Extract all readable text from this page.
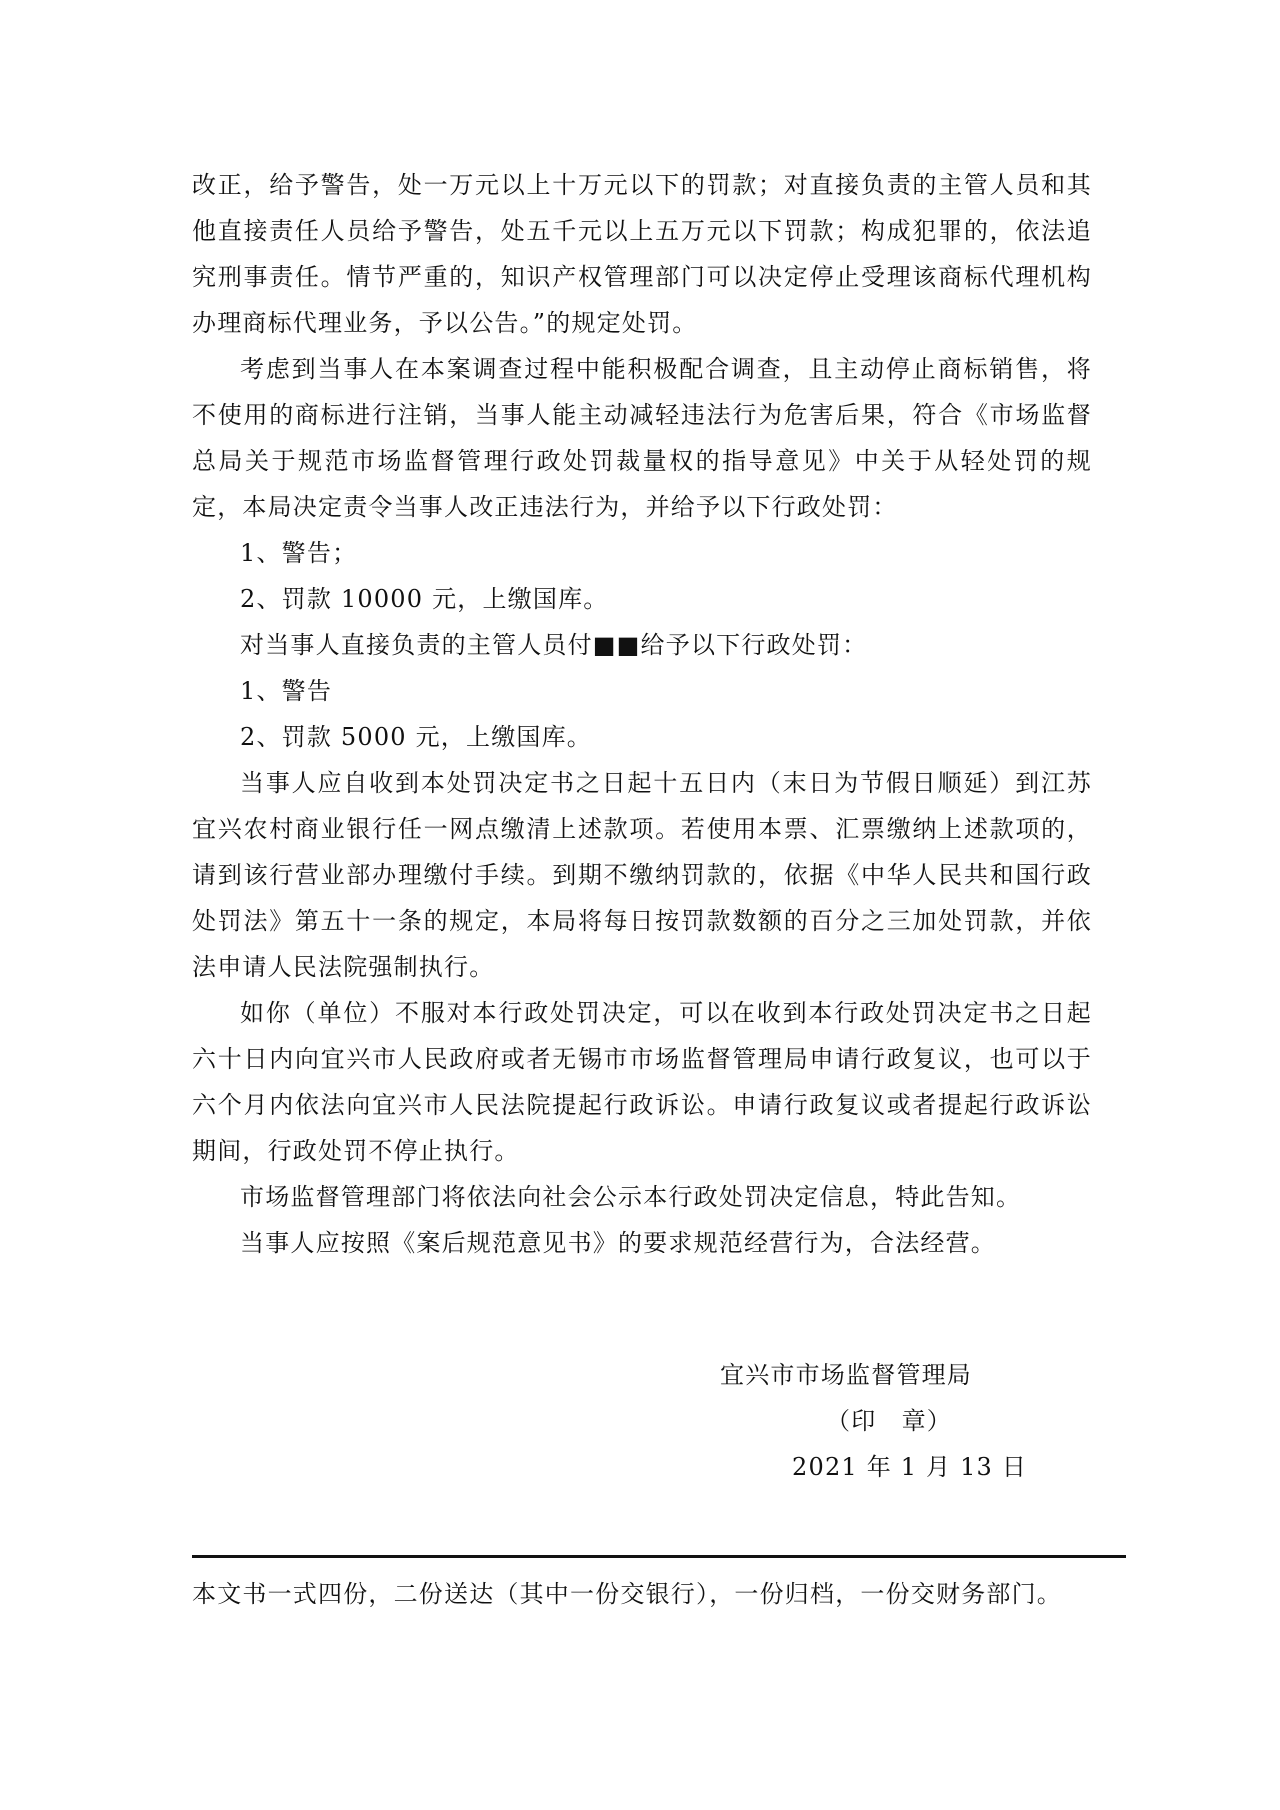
改正，给予警告，处一万元以上十万元以下的罚款；对直接负责的主管人员和其他直接责任人员给予警告，处五千元以上五万元以下罚款；构成犯罪的，依法追究刑事责任。情节严重的，知识产权管理部门可以决定停止受理该商标代理机构办理商标代理业务，予以公告。”的规定处罚。

考虑到当事人在本案调查过程中能积极配合调查，且主动停止商标销售，将不使用的商标进行注销，当事人能主动减轻违法行为危害后果，符合《市场监督总局关于规范市场监督管理行政处罚裁量权的指导意见》中关于从轻处罚的规定，本局决定责令当事人改正违法行为，并给予以下行政处罚：

1、警告；

2、罚款 10000 元，上缴国库。

对当事人直接负责的主管人员付■■给予以下行政处罚：

1、警告

2、罚款 5000 元，上缴国库。

当事人应自收到本处罚决定书之日起十五日内（末日为节假日顺延）到江苏宜兴农村商业银行任一网点缴清上述款项。若使用本票、汇票缴纳上述款项的，请到该行营业部办理缴付手续。到期不缴纳罚款的，依据《中华人民共和国行政处罚法》第五十一条的规定，本局将每日按罚款数额的百分之三加处罚款，并依法申请人民法院强制执行。

如你（单位）不服对本行政处罚决定，可以在收到本行政处罚决定书之日起六十日内向宜兴市人民政府或者无锡市市场监督管理局申请行政复议，也可以于六个月内依法向宜兴市人民法院提起行政诉讼。申请行政复议或者提起行政诉讼期间，行政处罚不停止执行。

市场监督管理部门将依法向社会公示本行政处罚决定信息，特此告知。

当事人应按照《案后规范意见书》的要求规范经营行为，合法经营。

宜兴市市场监督管理局
（印　章）
2021 年 1 月 13 日
本文书一式四份，二份送达（其中一份交银行），一份归档，一份交财务部门。
